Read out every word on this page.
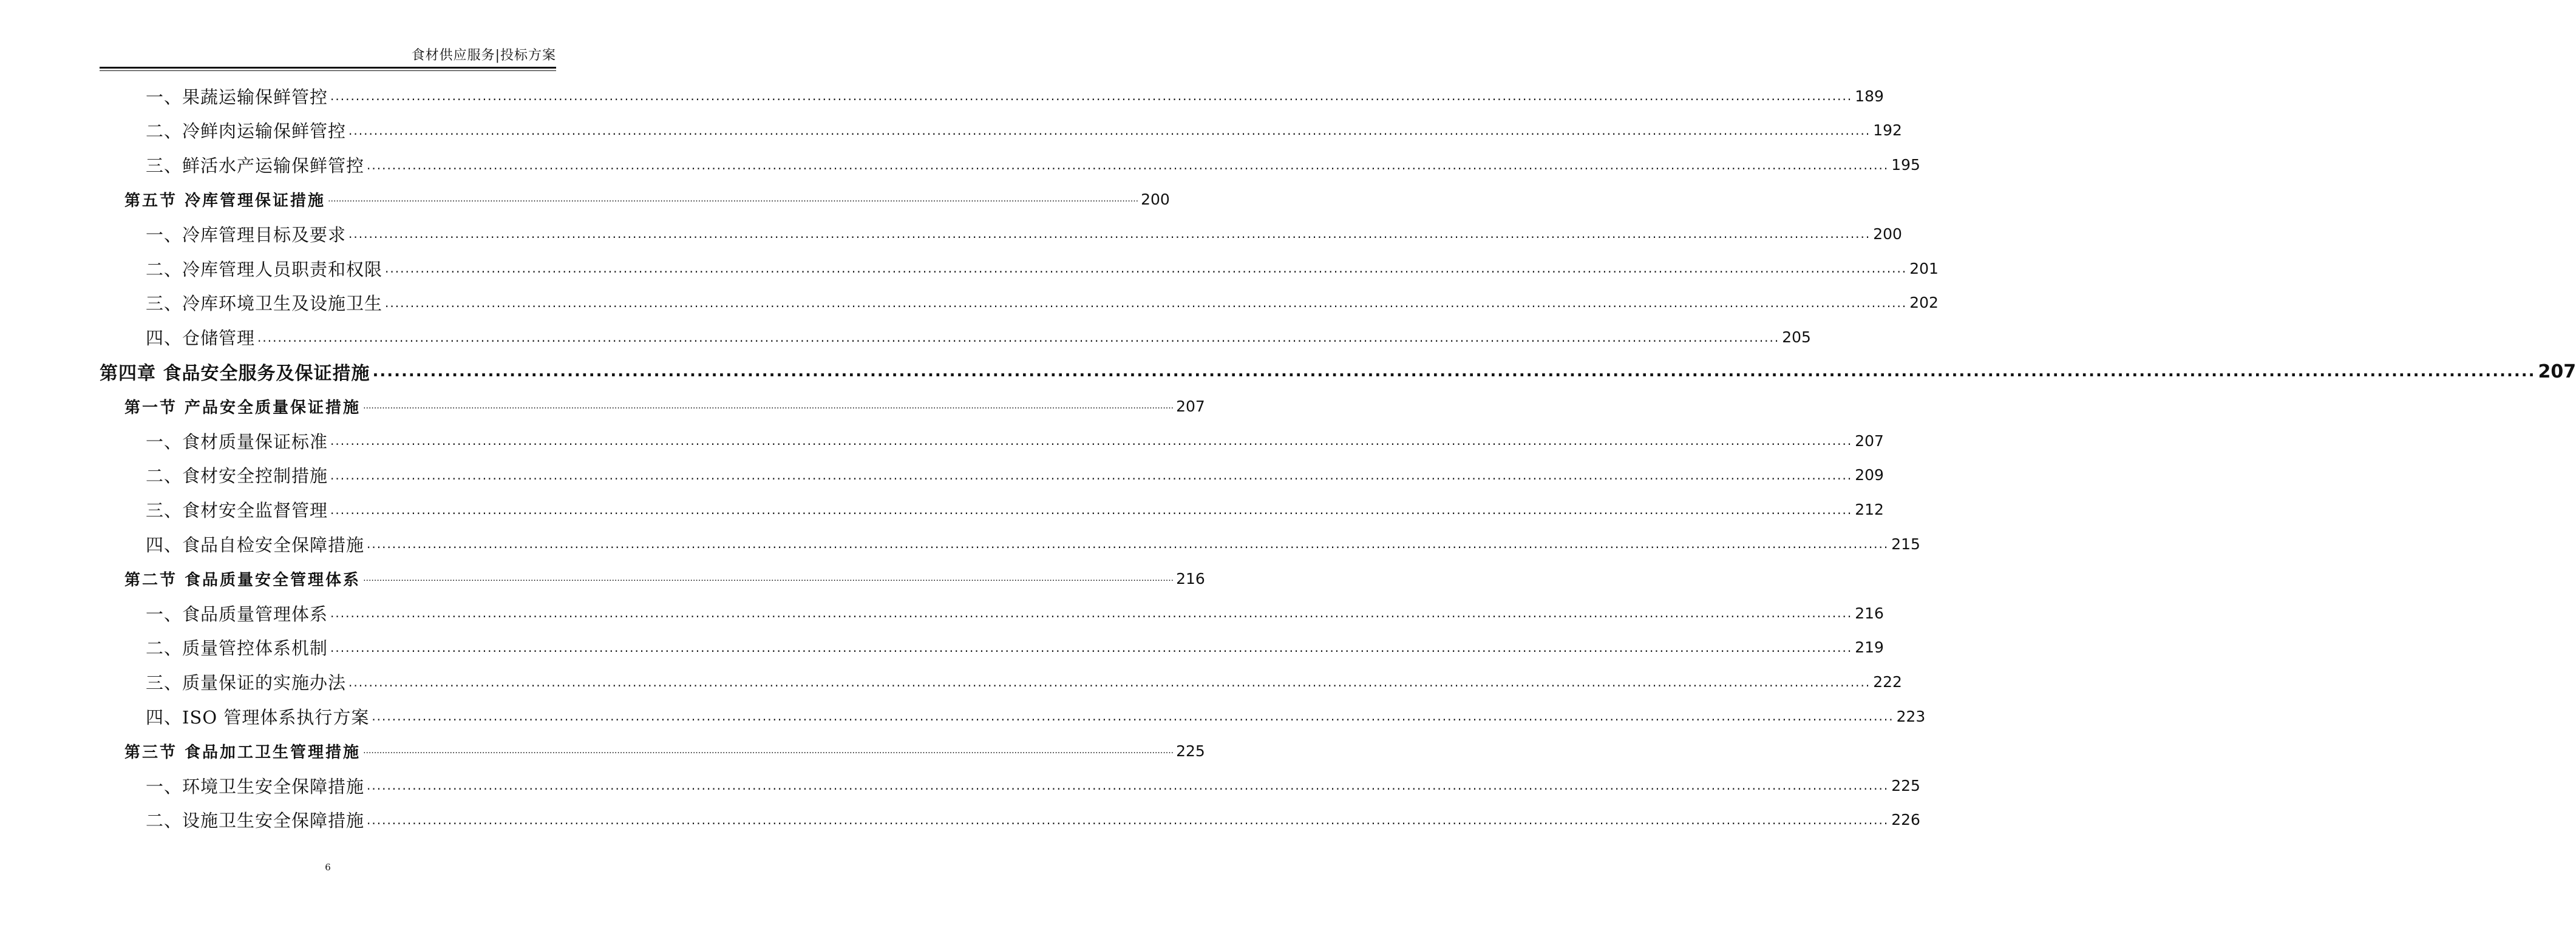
食材供应服务|投标方案
一、果蔬运输保鲜管控 ............................................................................................................................................................................................................................................................................................................ 189
二、冷鲜肉运输保鲜管控 ............................................................................................................................................................................................................................................................................................................ 192
三、鲜活水产运输保鲜管控 ............................................................................................................................................................................................................................................................................................................ 195
第五节 冷库管理保证措施 ............................................................................................................................................................................................................................................................................................................ 200
一、冷库管理目标及要求 ............................................................................................................................................................................................................................................................................................................ 200
二、冷库管理人员职责和权限 ............................................................................................................................................................................................................................................................................................................ 201
三、冷库环境卫生及设施卫生 ............................................................................................................................................................................................................................................................................................................ 202
四、仓储管理 ............................................................................................................................................................................................................................................................................................................ 205
第四章 食品安全服务及保证措施 ............................................................................................................................................................................................................................................................................................................ 207
第一节 产品安全质量保证措施 ............................................................................................................................................................................................................................................................................................................ 207
一、食材质量保证标准 ............................................................................................................................................................................................................................................................................................................ 207
二、食材安全控制措施 ............................................................................................................................................................................................................................................................................................................ 209
三、食材安全监督管理 ............................................................................................................................................................................................................................................................................................................ 212
四、食品自检安全保障措施 ............................................................................................................................................................................................................................................................................................................ 215
第二节 食品质量安全管理体系 ............................................................................................................................................................................................................................................................................................................ 216
一、食品质量管理体系 ............................................................................................................................................................................................................................................................................................................ 216
二、质量管控体系机制 ............................................................................................................................................................................................................................................................................................................ 219
三、质量保证的实施办法 ............................................................................................................................................................................................................................................................................................................ 222
四、ISO 管理体系执行方案 ............................................................................................................................................................................................................................................................................................................ 223
第三节 食品加工卫生管理措施 ............................................................................................................................................................................................................................................................................................................ 225
一、环境卫生安全保障措施 ............................................................................................................................................................................................................................................................................................................ 225
二、设施卫生安全保障措施 ............................................................................................................................................................................................................................................................................................................ 226
6
